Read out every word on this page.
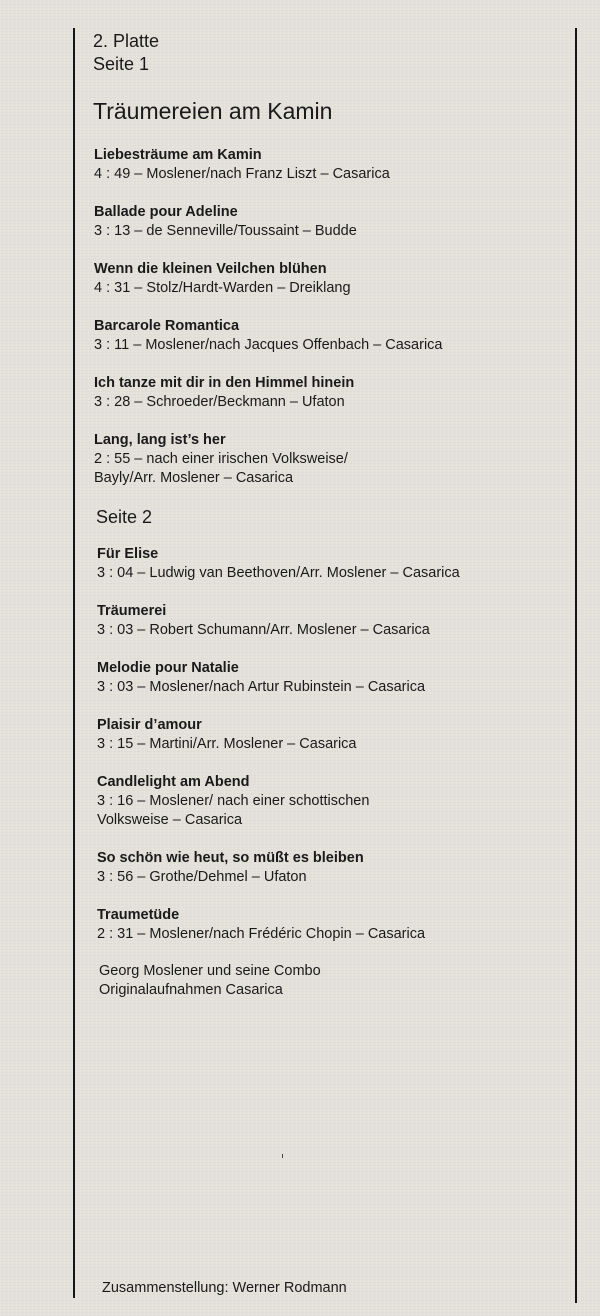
2. Platte
Seite 1
Träumereien am Kamin
Liebesträume am Kamin
4 : 49 – Moslener/nach Franz Liszt – Casarica
Ballade pour Adeline
3 : 13 – de Senneville/Toussaint – Budde
Wenn die kleinen Veilchen blühen
4 : 31 – Stolz/Hardt-Warden – Dreiklang
Barcarole Romantica
3 : 11 – Moslener/nach Jacques Offenbach – Casarica
Ich tanze mit dir in den Himmel hinein
3 : 28 – Schroeder/Beckmann – Ufaton
Lang, lang ist’s her
2 : 55 – nach einer irischen Volksweise/
Bayly/Arr. Moslener – Casarica
Seite 2
Für Elise
3 : 04 – Ludwig van Beethoven/Arr. Moslener – Casarica
Träumerei
3 : 03 – Robert Schumann/Arr. Moslener – Casarica
Melodie pour Natalie
3 : 03 – Moslener/nach Artur Rubinstein – Casarica
Plaisir d’amour
3 : 15 – Martini/Arr. Moslener – Casarica
Candlelight am Abend
3 : 16 – Moslener/ nach einer schottischen
Volksweise – Casarica
So schön wie heut, so müßt es bleiben
3 : 56 – Grothe/Dehmel – Ufaton
Traumetüde
2 : 31 – Moslener/nach Frédéric Chopin – Casarica
Georg Moslener und seine Combo
Originalaufnahmen Casarica
Zusammenstellung: Werner Rodmann
